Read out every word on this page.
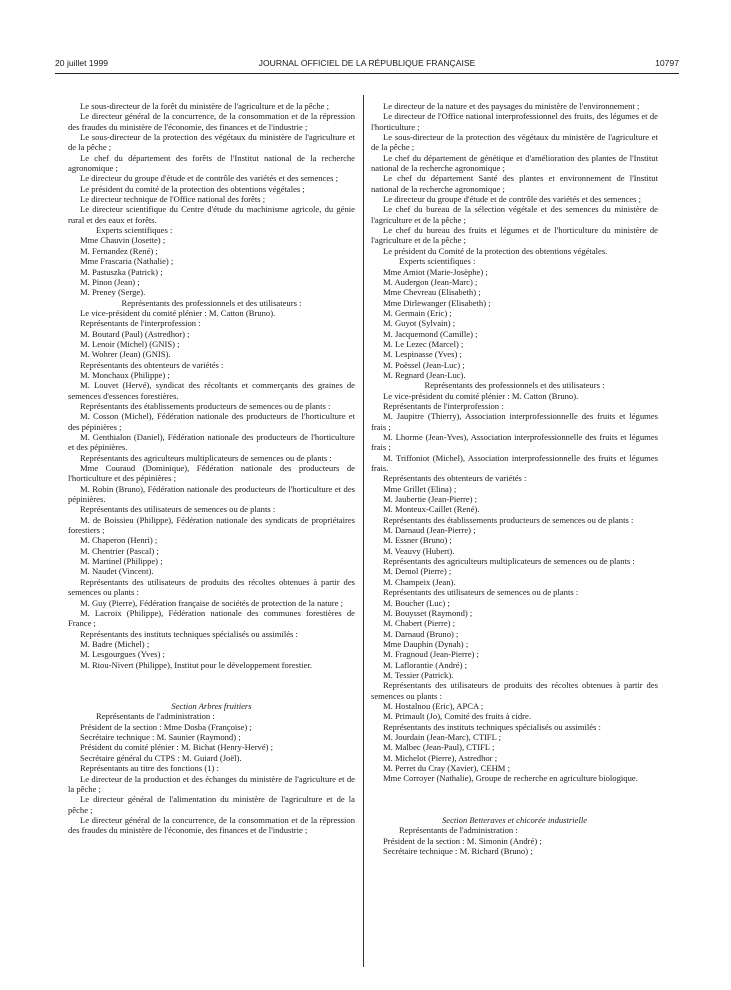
20 juillet 1999	JOURNAL OFFICIEL DE LA RÉPUBLIQUE FRANÇAISE	10797

Le sous-directeur de la forêt du ministère de l'agriculture et de la pêche ;

Le directeur général de la concurrence, de la consommation et de la répression des fraudes du ministère de l'économie, des finances et de l'industrie ;

Le sous-directeur de la protection des végétaux du ministère de l'agriculture et de la pêche ;

Le chef du département des forêts de l'Institut national de la recherche agronomique ;

Le directeur du groupe d'étude et de contrôle des variétés et des semences ;

Le président du comité de la protection des obtentions végétales ;

Le directeur technique de l'Office national des forêts ;

Le directeur scientifique du Centre d'étude du machinisme agricole, du génie rural et des eaux et forêts.

Experts scientifiques :

Mme Chauvin (Josette) ;

M. Fernandez (René) ;

Mme Frascaria (Nathalie) ;

M. Pastuszka (Patrick) ;

M. Pinon (Jean) ;

M. Preney (Serge).

Représentants des professionnels et des utilisateurs :

Le vice-président du comité plénier : M. Catton (Bruno).

Représentants de l'interprofession :

M. Boutard (Paul) (Astredhor) ;

M. Lenoir (Michel) (GNIS) ;

M. Wohrer (Jean) (GNIS).

Représentants des obtenteurs de variétés :

M. Monchaux (Philippe) ;

M. Louvet (Hervé), syndicat des récoltants et commerçants des graines de semences d'essences forestières.

Représentants des établissements producteurs de semences ou de plants :

M. Cosson (Michel), Fédération nationale des producteurs de l'horticulture et des pépinières ;

M. Genthialon (Daniel), Fédération nationale des producteurs de l'horticulture et des pépinières.

Représentants des agriculteurs multiplicateurs de semences ou de plants :

Mme Couraud (Dominique), Fédération nationale des producteurs de l'horticulture et des pépinières ;

M. Robin (Bruno), Fédération nationale des producteurs de l'horticulture et des pépinières.

Représentants des utilisateurs de semences ou de plants :

M. de Boissieu (Philippe), Fédération nationale des syndicats de propriétaires forestiers ;

M. Chaperon (Henri) ;

M. Chentrier (Pascal) ;

M. Martinel (Philippe) ;

M. Naudet (Vincent).

Représentants des utilisateurs de produits des récoltes obtenues à partir des semences ou plants :

M. Guy (Pierre), Fédération française de sociétés de protection de la nature ;

M. Lacroix (Philippe), Fédération nationale des communes forestières de France ;

Représentants des instituts techniques spécialisés ou assimilés :

M. Badre (Michel) ;

M. Lesgourgues (Yves) ;

M. Riou-Nivert (Philippe), Institut pour le développement forestier.

Section Arbres fruitiers

Représentants de l'administration :

Président de la section : Mme Dosba (Françoise) ;

Secrétaire technique : M. Saunier (Raymond) ;

Président du comité plénier : M. Bichat (Henry-Hervé) ;

Secrétaire général du CTPS : M. Guiard (Joël).

Représentants au titre des fonctions (1) :

Le directeur de la production et des échanges du ministère de l'agriculture et de la pêche ;

Le directeur général de l'alimentation du ministère de l'agriculture et de la pêche ;

Le directeur général de la concurrence, de la consommation et de la répression des fraudes du ministère de l'économie, des finances et de l'industrie ;

Le directeur de la nature et des paysages du ministère de l'environnement ;

Le directeur de l'Office national interprofessionnel des fruits, des légumes et de l'horticulture ;

Le sous-directeur de la protection des végétaux du ministère de l'agriculture et de la pêche ;

Le chef du département de génétique et d'amélioration des plantes de l'Institut national de la recherche agronomique ;

Le chef du département Santé des plantes et environnement de l'Institut national de la recherche agronomique ;

Le directeur du groupe d'étude et de contrôle des variétés et des semences ;

Le chef du bureau de la sélection végétale et des semences du ministère de l'agriculture et de la pêche ;

Le chef du bureau des fruits et légumes et de l'horticulture du ministère de l'agriculture et de la pêche ;

Le président du Comité de la protection des obtentions végétales.

Experts scientifiques :

Mme Amiot (Marie-Josèphe) ;

M. Audergon (Jean-Marc) ;

Mme Chevreau (Elisabeth) ;

Mme Dirlewanger (Elisabeth) ;

M. Germain (Eric) ;

M. Guyot (Sylvain) ;

M. Jacquemond (Camille) ;

M. Le Lezec (Marcel) ;

M. Lespinasse (Yves) ;

M. Poëssel (Jean-Luc) ;

M. Regnard (Jean-Luc).

Représentants des professionnels et des utilisateurs :

Le vice-président du comité plénier : M. Catton (Bruno).

Représentants de l'interprofession :

M. Jaupitre (Thierry), Association interprofessionnelle des fruits et légumes frais ;

M. Lhorme (Jean-Yves), Association interprofessionnelle des fruits et légumes frais ;

M. Triffoniot (Michel), Association interprofessionnelle des fruits et légumes frais.

Représentants des obtenteurs de variétés :

Mme Grillet (Elina) ;

M. Jaubertie (Jean-Pierre) ;

M. Monteux-Caillet (René).

Représentants des établissements producteurs de semences ou de plants :

M. Darnaud (Jean-Pierre) ;

M. Essner (Bruno) ;

M. Veauvy (Hubert).

Représentants des agriculteurs multiplicateurs de semences ou de plants :

M. Demol (Pierre) ;

M. Champeix (Jean).

Représentants des utilisateurs de semences ou de plants :

M. Boucher (Luc) ;

M. Bouysset (Raymond) ;

M. Chabert (Pierre) ;

M. Darnaud (Bruno) ;

Mme Dauphin (Dynah) ;

M. Fragnoud (Jean-Pierre) ;

M. Laflorantie (André) ;

M. Tessier (Patrick).

Représentants des utilisateurs de produits des récoltes obtenues à partir des semences ou plants :

M. Hostalnou (Eric), APCA ;

M. Primault (Jo), Comité des fruits à cidre.

Représentants des instituts techniques spécialisés ou assimilés :

M. Jourdain (Jean-Marc), CTIFL ;

M. Malbec (Jean-Paul), CTIFL ;

M. Michelot (Pierre), Astredhor ;

M. Perret du Cray (Xavier), CEHM ;

Mme Corroyer (Nathalie), Groupe de recherche en agriculture biologique.

Section Betteraves et chicorée industrielle

Représentants de l'administration :

Président de la section : M. Simonin (André) ;

Secrétaire technique : M. Richard (Bruno) ;
